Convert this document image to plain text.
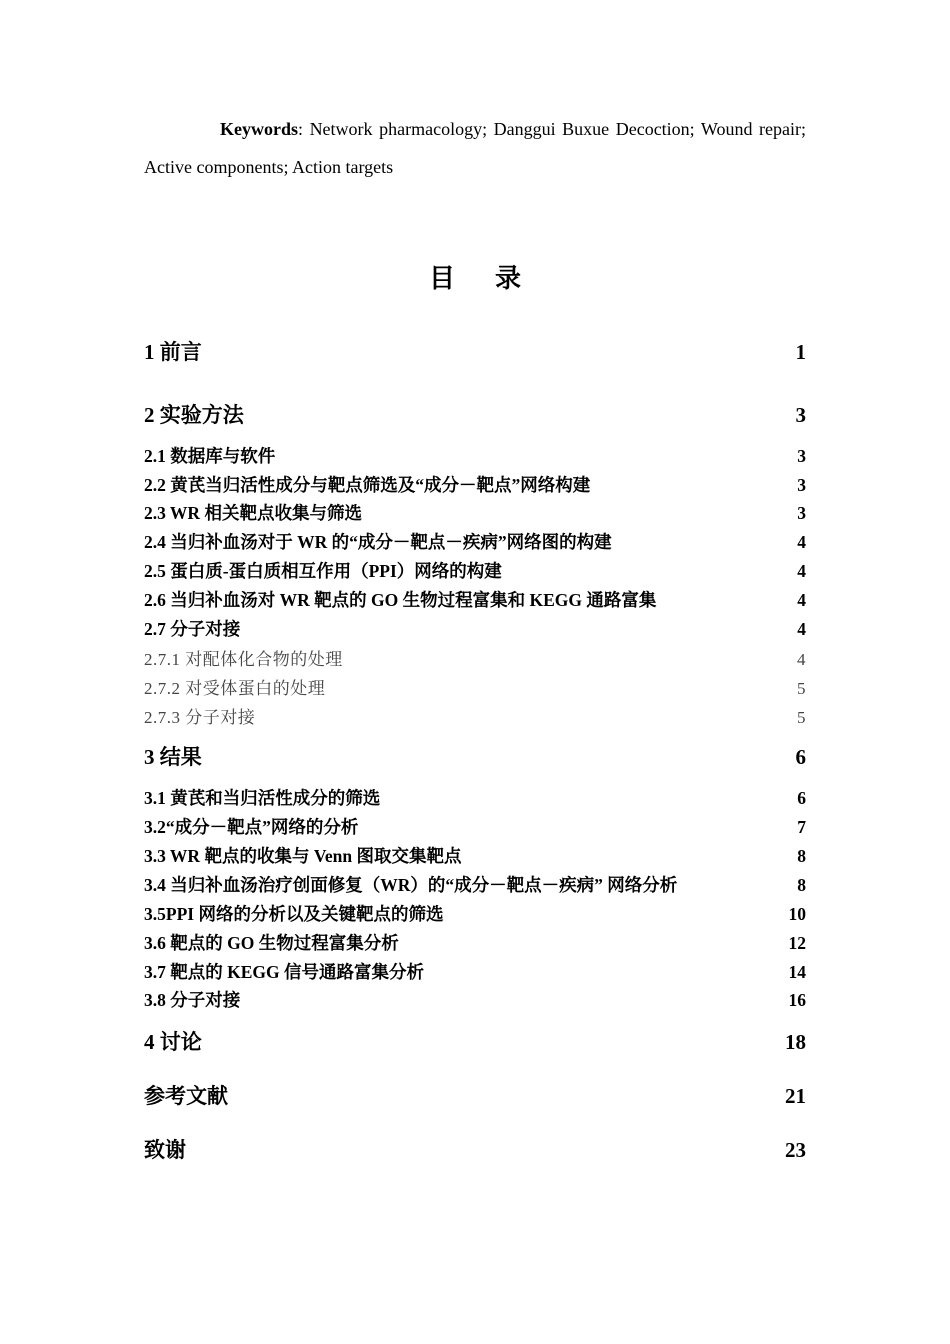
Keywords: Network pharmacology; Danggui Buxue Decoction; Wound repair; Active components; Action targets
目录
1 前言	1
2 实验方法	3
2.1 数据库与软件	3
2.2 黄芪当归活性成分与靶点筛选及“成分－靶点”网络构建	3
2.3 WR 相关靶点收集与筛选	3
2.4 当归补血汤对于 WR 的“成分－靶点－疾病”网络图的构建	4
2.5 蛋白质-蛋白质相互作用（PPI）网络的构建	4
2.6 当归补血汤对 WR 靶点的 GO 生物过程富集和 KEGG 通路富集	4
2.7 分子对接	4
2.7.1 对配体化合物的处理	4
2.7.2 对受体蛋白的处理	5
2.7.3 分子对接	5
3 结果	6
3.1 黄芪和当归活性成分的筛选	6
3.2“成分－靶点”网络的分析	7
3.3 WR 靶点的收集与 Venn 图取交集靶点	8
3.4 当归补血汤治疗创面修复（WR）的“成分－靶点－疾病” 网络分析	8
3.5PPI 网络的分析以及关键靶点的筛选	10
3.6 靶点的 GO 生物过程富集分析	12
3.7 靶点的 KEGG 信号通路富集分析	14
3.8 分子对接	16
4 讨论	18
参考文献	21
致谢	23
